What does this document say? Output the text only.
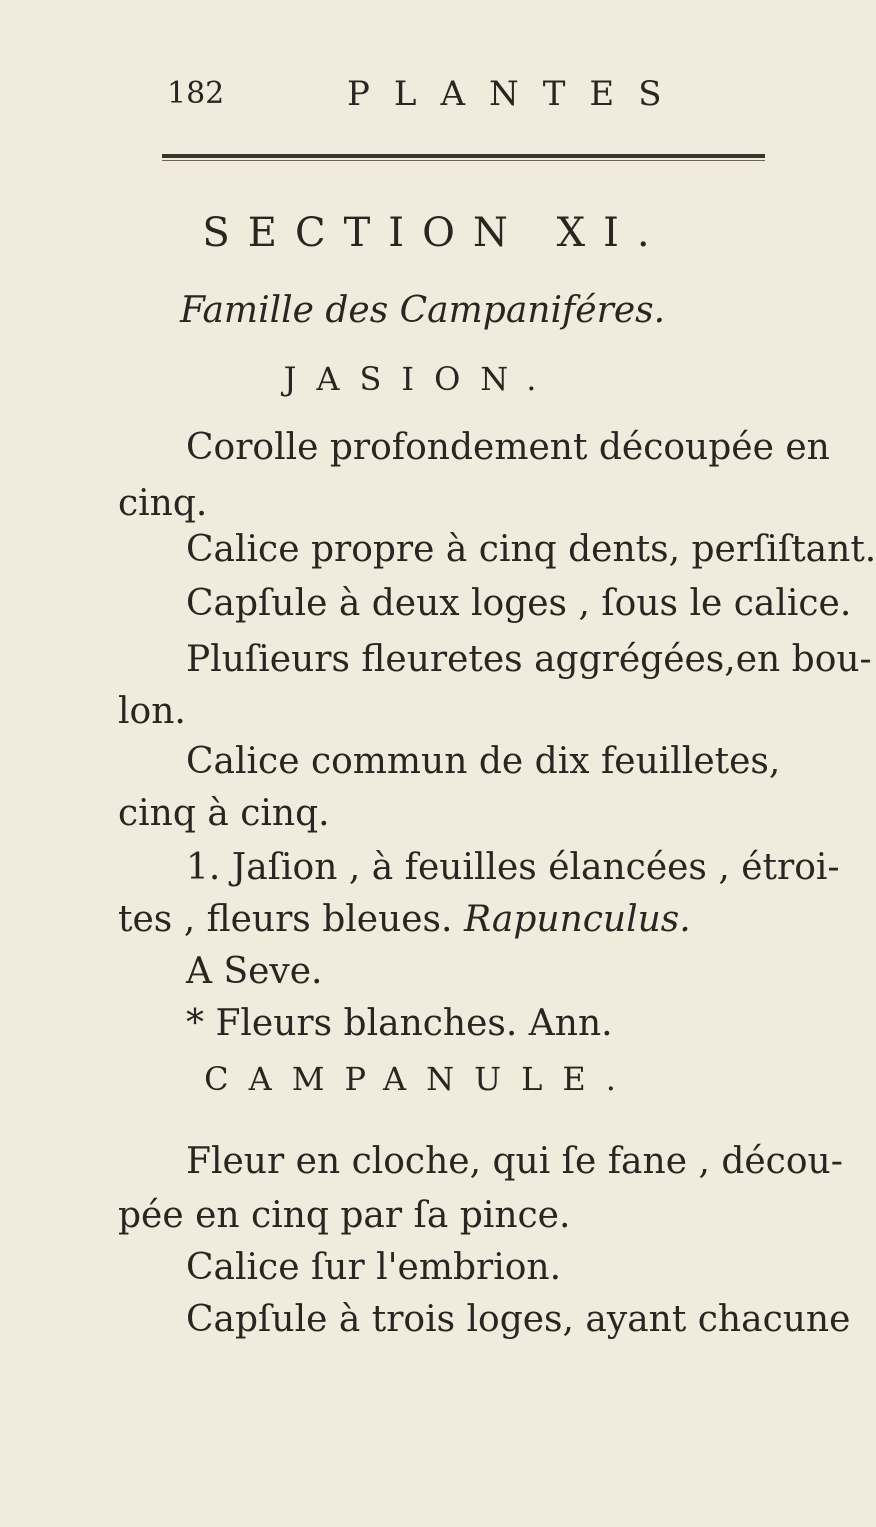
182	PLANTES
SECTION XI.
Famille des Campaniféres.
JASION.
Corolle profondement découpée en
cinq.
Calice propre à cinq dents, perſiſtant.
Capſule à deux loges , ſous le calice.
Pluſieurs fleuretes aggrégées,en bou-
lon.
Calice commun de dix feuilletes,
cinq à cinq.
1. Jaſion , à feuilles élancées , étroi-
tes , fleurs bleues. Rapunculus.
A Seve.
* Fleurs blanches. Ann.
CAMPANULE.
Fleur en cloche, qui ſe fane , décou-
pée en cinq par ſa pince.
Calice ſur l'embrion.
Capſule à trois loges, ayant chacune
